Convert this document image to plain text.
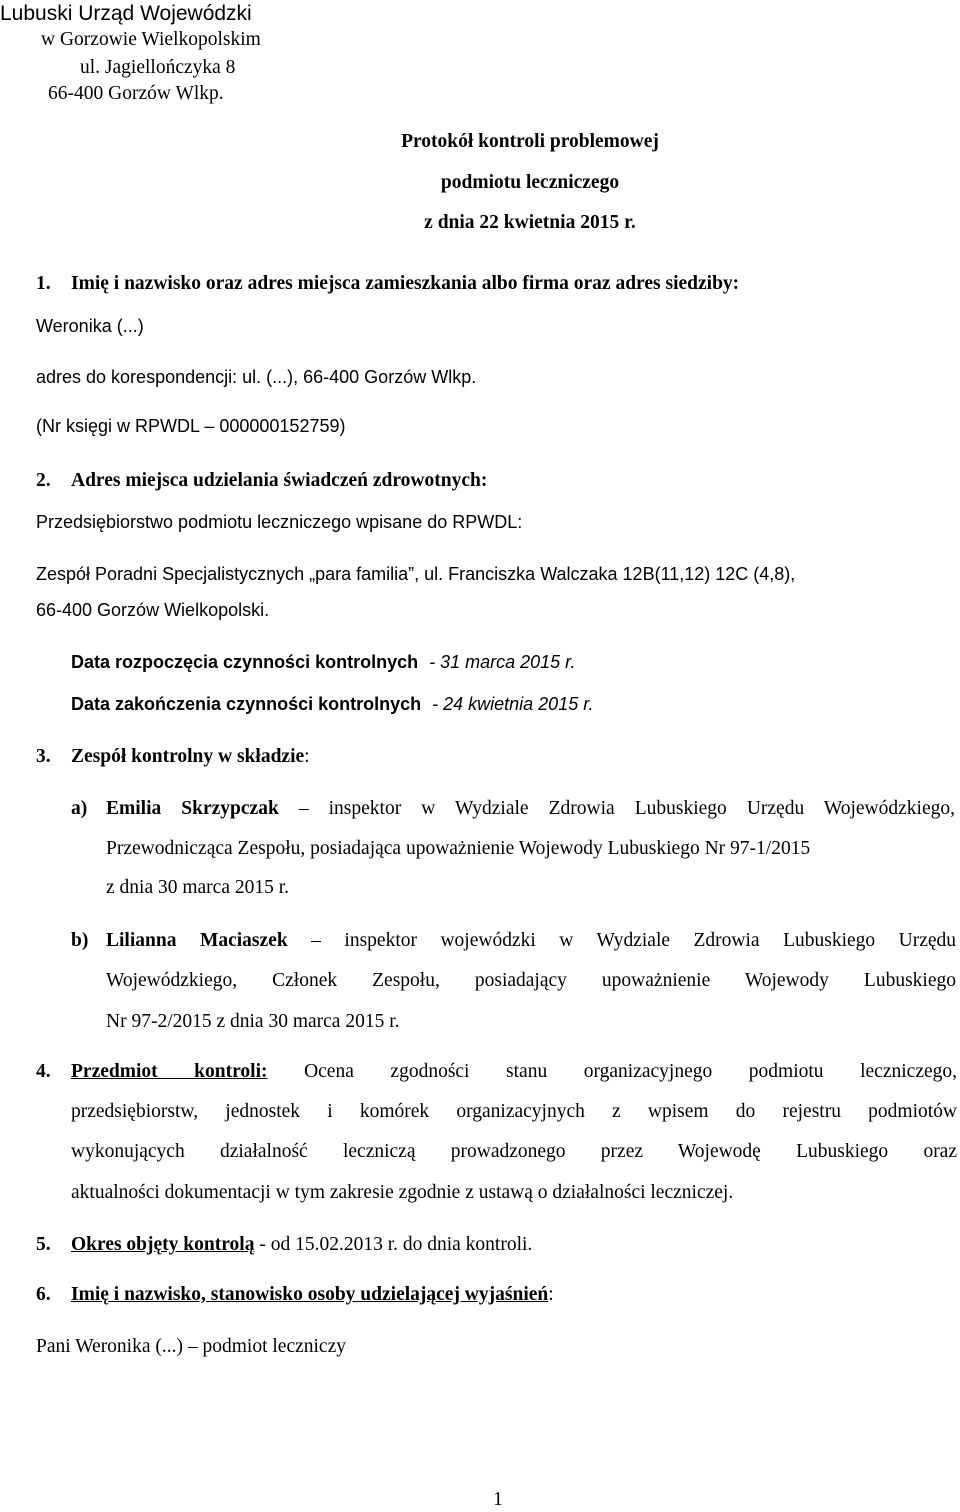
Lubuski Urząd Wojewódzki
w Gorzowie Wielkopolskim
ul. Jagiellończyka 8
66-400 Gorzów Wlkp.
Protokół kontroli problemowej
podmiotu leczniczego
z dnia 22 kwietnia 2015 r.
1. Imię i nazwisko oraz adres miejsca zamieszkania albo firma oraz adres siedziby:
Weronika (...)
adres do korespondencji: ul. (...), 66-400 Gorzów Wlkp.
(Nr księgi w RPWDL – 000000152759)
2. Adres miejsca udzielania świadczeń zdrowotnych:
Przedsiębiorstwo podmiotu leczniczego wpisane do RPWDL:
Zespół Poradni Specjalistycznych „para familia”, ul. Franciszka Walczaka 12B(11,12) 12C (4,8),
66-400 Gorzów Wielkopolski.
Data rozpoczęcia czynności kontrolnych - 31 marca 2015 r.
Data zakończenia czynności kontrolnych - 24 kwietnia 2015 r.
3. Zespół kontrolny w składzie:
a) Emilia Skrzypczak – inspektor w Wydziale Zdrowia Lubuskiego Urzędu Wojewódzkiego,
Przewodnicząca Zespołu, posiadająca upoważnienie Wojewody Lubuskiego Nr 97-1/2015
z dnia 30 marca 2015 r.
b) Lilianna Maciaszek – inspektor wojewódzki w Wydziale Zdrowia Lubuskiego Urzędu
Wojewódzkiego, Członek Zespołu, posiadający upoważnienie Wojewody Lubuskiego
Nr 97-2/2015 z dnia 30 marca 2015 r.
4. Przedmiot kontroli: Ocena zgodności stanu organizacyjnego podmiotu leczniczego,
przedsiębiorstw, jednostek i komórek organizacyjnych z wpisem do rejestru podmiotów
wykonujących działalność leczniczą prowadzonego przez Wojewodę Lubuskiego oraz
aktualności dokumentacji w tym zakresie zgodnie z ustawą o działalności leczniczej.
5. Okres objęty kontrolą - od 15.02.2013 r. do dnia kontroli.
6. Imię i nazwisko, stanowisko osoby udzielającej wyjaśnień:
Pani Weronika (...) – podmiot leczniczy
1
